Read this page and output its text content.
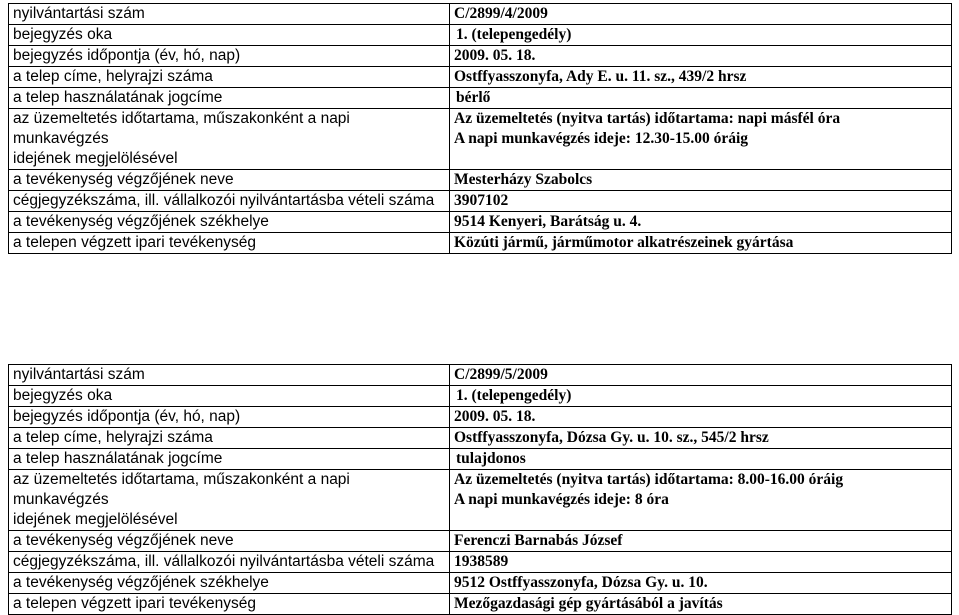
nyilvántartási szám	C/2899/4/2009

bejegyzés oka	1. (telepengedély)

bejegyzés időpontja (év, hó, nap)	2009. 05. 18.

a telep címe, helyrajzi száma	Ostffyasszonyfa, Ady E. u. 11. sz., 439/2 hrsz

a telep használatának jogcíme	bérlő

az üzemeltetés időtartama, műszakonként a napi munkavégzés
idejének megjelölésével	Az üzemeltetés (nyitva tartás) időtartama: napi másfél óra
A napi munkavégzés ideje: 12.30-15.00 óráig

a tevékenység végzőjének neve	Mesterházy Szabolcs

cégjegyzékszáma, ill. vállalkozói nyilvántartásba vételi száma	3907102

a tevékenység végzőjének székhelye	9514 Kenyeri, Barátság u. 4.

a telepen végzett ipari tevékenység	Közúti jármű, járműmotor alkatrészeinek gyártása
nyilvántartási szám	C/2899/5/2009

bejegyzés oka	1. (telepengedély)

bejegyzés időpontja (év, hó, nap)	2009. 05. 18.

a telep címe, helyrajzi száma	Ostffyasszonyfa, Dózsa Gy. u. 10. sz., 545/2 hrsz

a telep használatának jogcíme	tulajdonos

az üzemeltetés időtartama, műszakonként a napi munkavégzés
idejének megjelölésével	Az üzemeltetés (nyitva tartás) időtartama: 8.00-16.00 óráig
A napi munkavégzés ideje: 8 óra

a tevékenység végzőjének neve	Ferenczi Barnabás József

cégjegyzékszáma, ill. vállalkozói nyilvántartásba vételi száma	1938589

a tevékenység végzőjének székhelye	9512 Ostffyasszonyfa, Dózsa Gy. u. 10.

a telepen végzett ipari tevékenység	Mezőgazdasági gép gyártásából a javítás
